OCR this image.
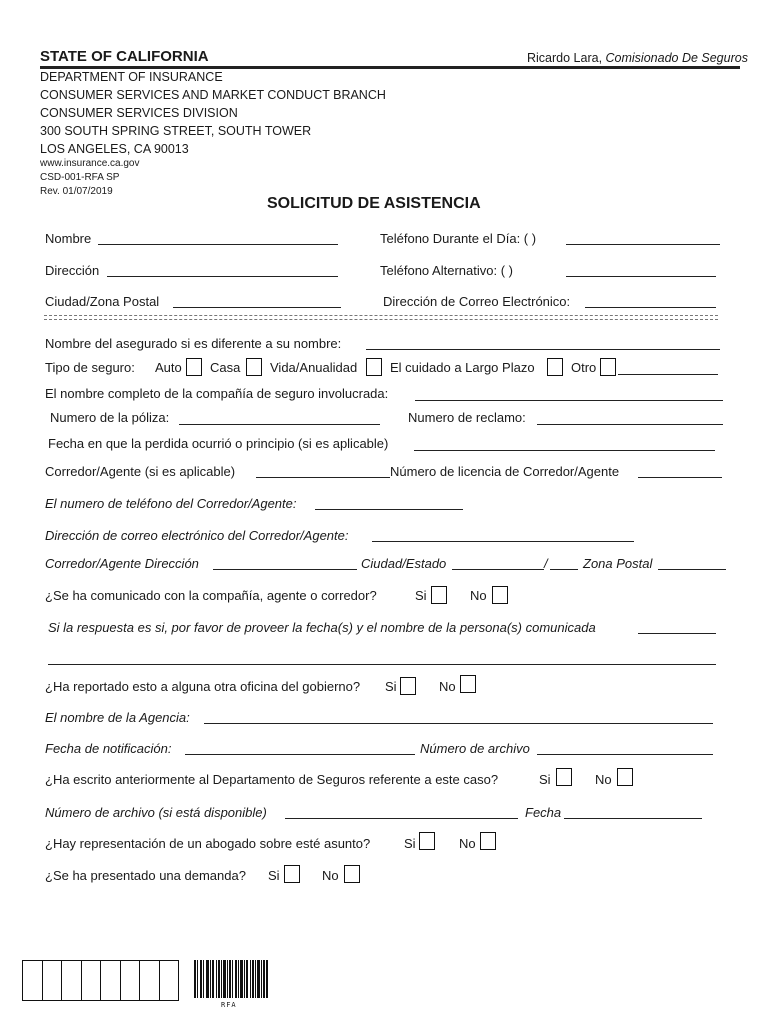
STATE OF CALIFORNIA	Ricardo Lara, Comisionado De Seguros
DEPARTMENT OF INSURANCE
CONSUMER SERVICES AND MARKET CONDUCT BRANCH
CONSUMER SERVICES DIVISION
300 SOUTH SPRING STREET, SOUTH TOWER
LOS ANGELES, CA 90013
www.insurance.ca.gov
CSD-001-RFA SP
Rev. 01/07/2019
SOLICITUD DE ASISTENCIA
Nombre	Teléfono Durante el Día: ( )
Dirección	Teléfono Alternativo: ( )
Ciudad/Zona Postal	Dirección de Correo Electrónico:
Nombre del asegurado si es diferente a su nombre:
Tipo de seguro: Auto Casa Vida/Anualidad	El cuidado a Largo Plazo	Otro
El nombre completo de la compañía de seguro involucrada:
Numero de la póliza:	Numero de reclamo:
Fecha en que la perdida ocurrió o principio (si es aplicable)
Corredor/Agente (si es aplicable)	Número de licencia de Corredor/Agente
El numero de teléfono del Corredor/Agente:
Dirección de correo electrónico del Corredor/Agente:
Corredor/Agente Dirección	Ciudad/Estado	/	Zona Postal
¿Se ha comunicado con la compañía, agente o corredor?	Si	No
Si la respuesta es si, por favor de proveer la fecha(s) y el nombre de la persona(s) comunicada
¿Ha reportado esto a alguna otra oficina del gobierno? Si	No
El nombre de la Agencia:
Fecha de notificación:	Número de archivo
¿Ha escrito anteriormente al Departamento de Seguros referente a este caso?	Si	No
Número de archivo (si está disponible)	Fecha
¿Hay representación de un abogado sobre esté asunto?	Si	No
¿Se ha presentado una demanda? Si	No
RFA
